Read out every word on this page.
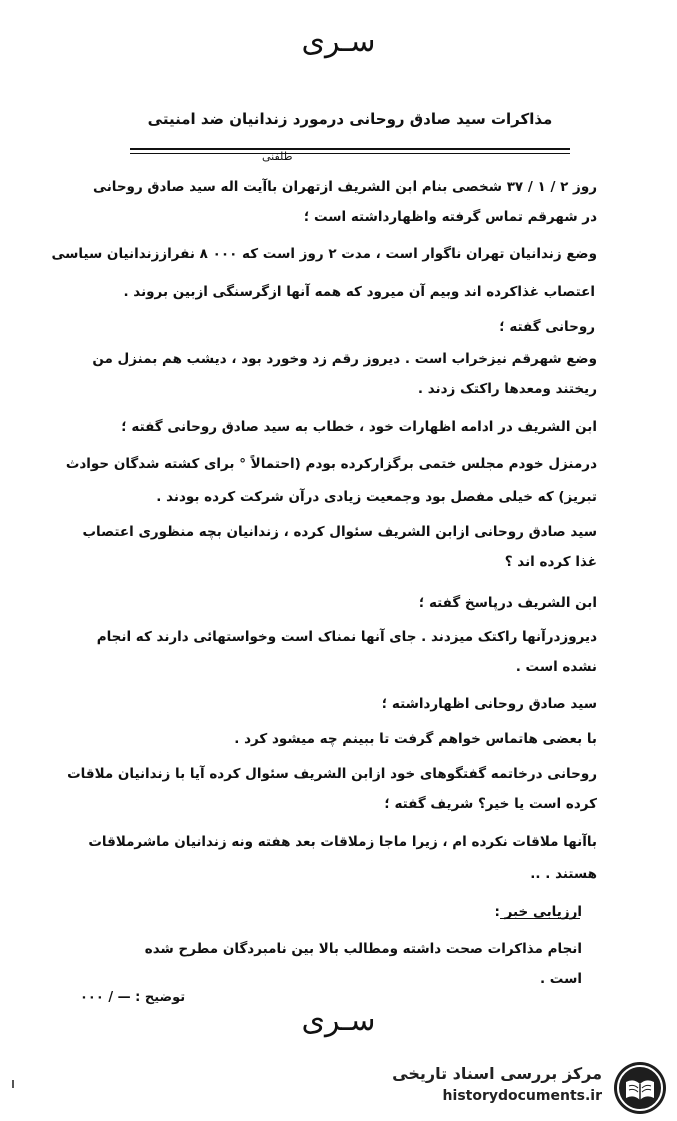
سـری
مذاکرات سید صادق روحانی درمورد زندانیان ضد امنیتی
طلفنی
روز ۲ / ۱ / ۳۷ شخصی بنام ابن الشریف ازتهران باآیت اله سید صادق روحانی
در شهرقم تماس گرفته واظهارداشته است ؛
وضع زندانیان تهران ناگوار است ، مدت ۲ روز است که ۰۰۰ ۸ نفراززندانیان سیاسی
اعتصاب غذاکرده اند وبیم آن میرود که همه آنها ازگرسنگی ازبین بروند .
روحانی گفته ؛
وضع شهرقم نیزخراب است . دیروز رقم زد وخورد بود ، دیشب هم بمنزل من
ریختند ومعدها راکتک زدند .
ابن الشریف در ادامه اظهارات خود ، خطاب به سید صادق روحانی گفته ؛
درمنزل خودم مجلس ختمی برگزارکرده بودم (احتمالاً ° برای کشته شدگان حوادث
تبریز) که خیلی مفصل بود وجمعیت زیادی درآن شرکت کرده بودند .
سید صادق روحانی ازابن الشریف سئوال کرده ، زندانیان بچه منظوری اعتصاب
غذا کرده اند ؟
ابن الشریف درپاسخ گفته ؛
دیروزدرآنها راکتک میزدند . جای آنها نمناک است وخواستهائی دارند که انجام
نشده است .
سید صادق روحانی اظهارداشته ؛
با بعضی هاتماس خواهم گرفت تا ببینم چه میشود کرد .
روحانی درخاتمه گفتگوهای خود ازابن الشریف سئوال کرده آیا با زندانیان ملاقات
کرده است یا خیر؟ شریف گفته ؛
باآنها ملاقات نکرده ام ، زیرا ماجا زملاقات بعد هفته ونه زندانیان ماشرملاقات
هستند . ..
ارزیابی خبر :
انجام مذاکرات صحت داشته ومطالب بالا بین نامبردگان مطرح شده
است .
توضیح : — / ۰۰۰
سـری
مرکز بررسی اسناد تاریخی
historydocuments.ir
